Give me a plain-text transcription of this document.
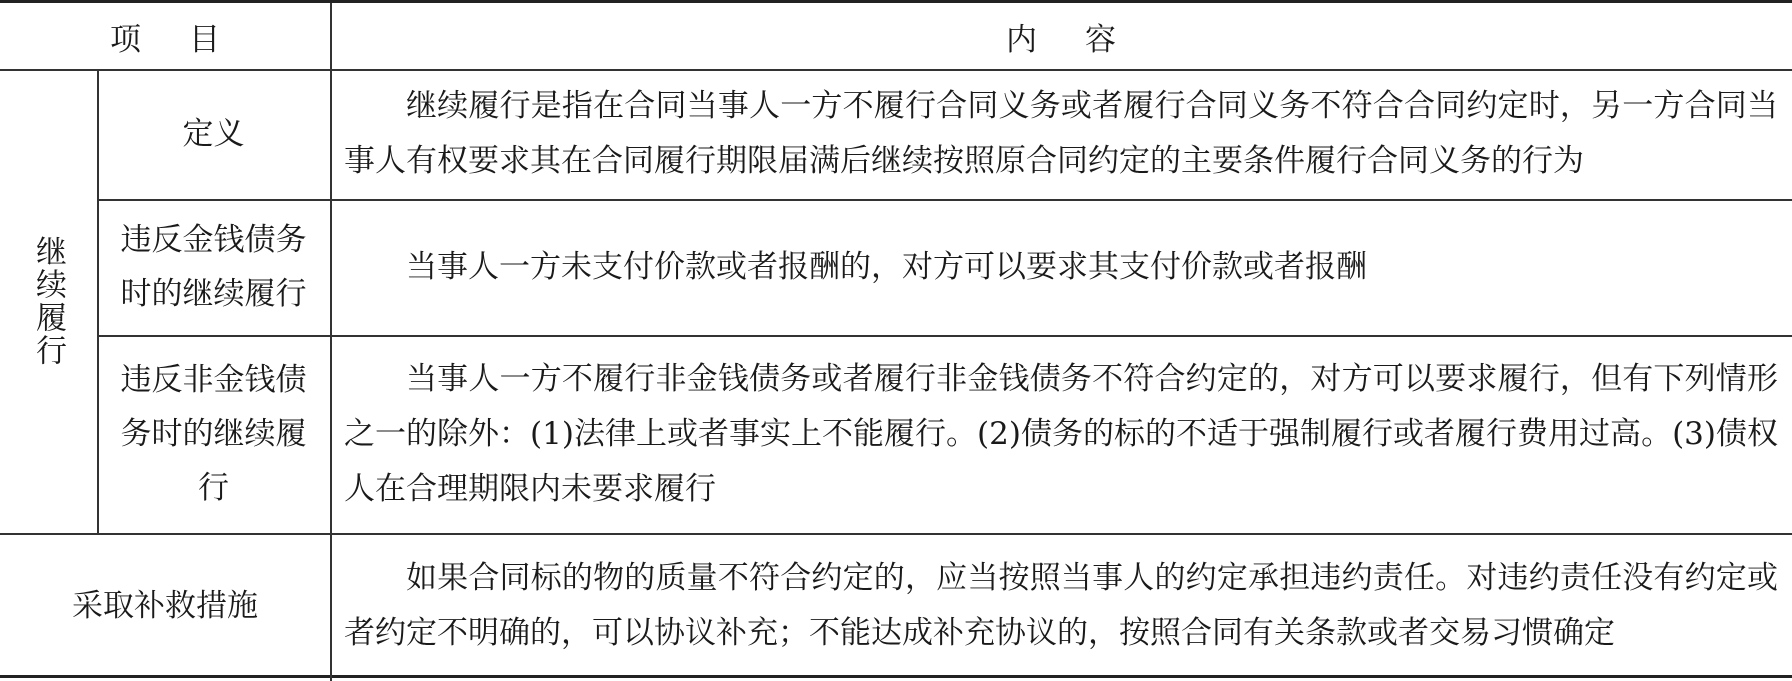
项目	内容
继续履行
定义

继续履行是指在合同当事人一方不履行合同义务或者履行合同义务不符合合同约定时，另一方合同当事人有权要求其在合同履行期限届满后继续按照原合同约定的主要条件履行合同义务的行为

违反金钱债务时的继续履行

当事人一方未支付价款或者报酬的，对方可以要求其支付价款或者报酬

违反非金钱债务时的继续履行

当事人一方不履行非金钱债务或者履行非金钱债务不符合约定的，对方可以要求履行，但有下列情形之一的除外：(1)法律上或者事实上不能履行。(2)债务的标的不适于强制履行或者履行费用过高。(3)债权人在合理期限内未要求履行

采取补救措施

如果合同标的物的质量不符合约定的，应当按照当事人的约定承担违约责任。对违约责任没有约定或者约定不明确的，可以协议补充；不能达成补充协议的，按照合同有关条款或者交易习惯确定
